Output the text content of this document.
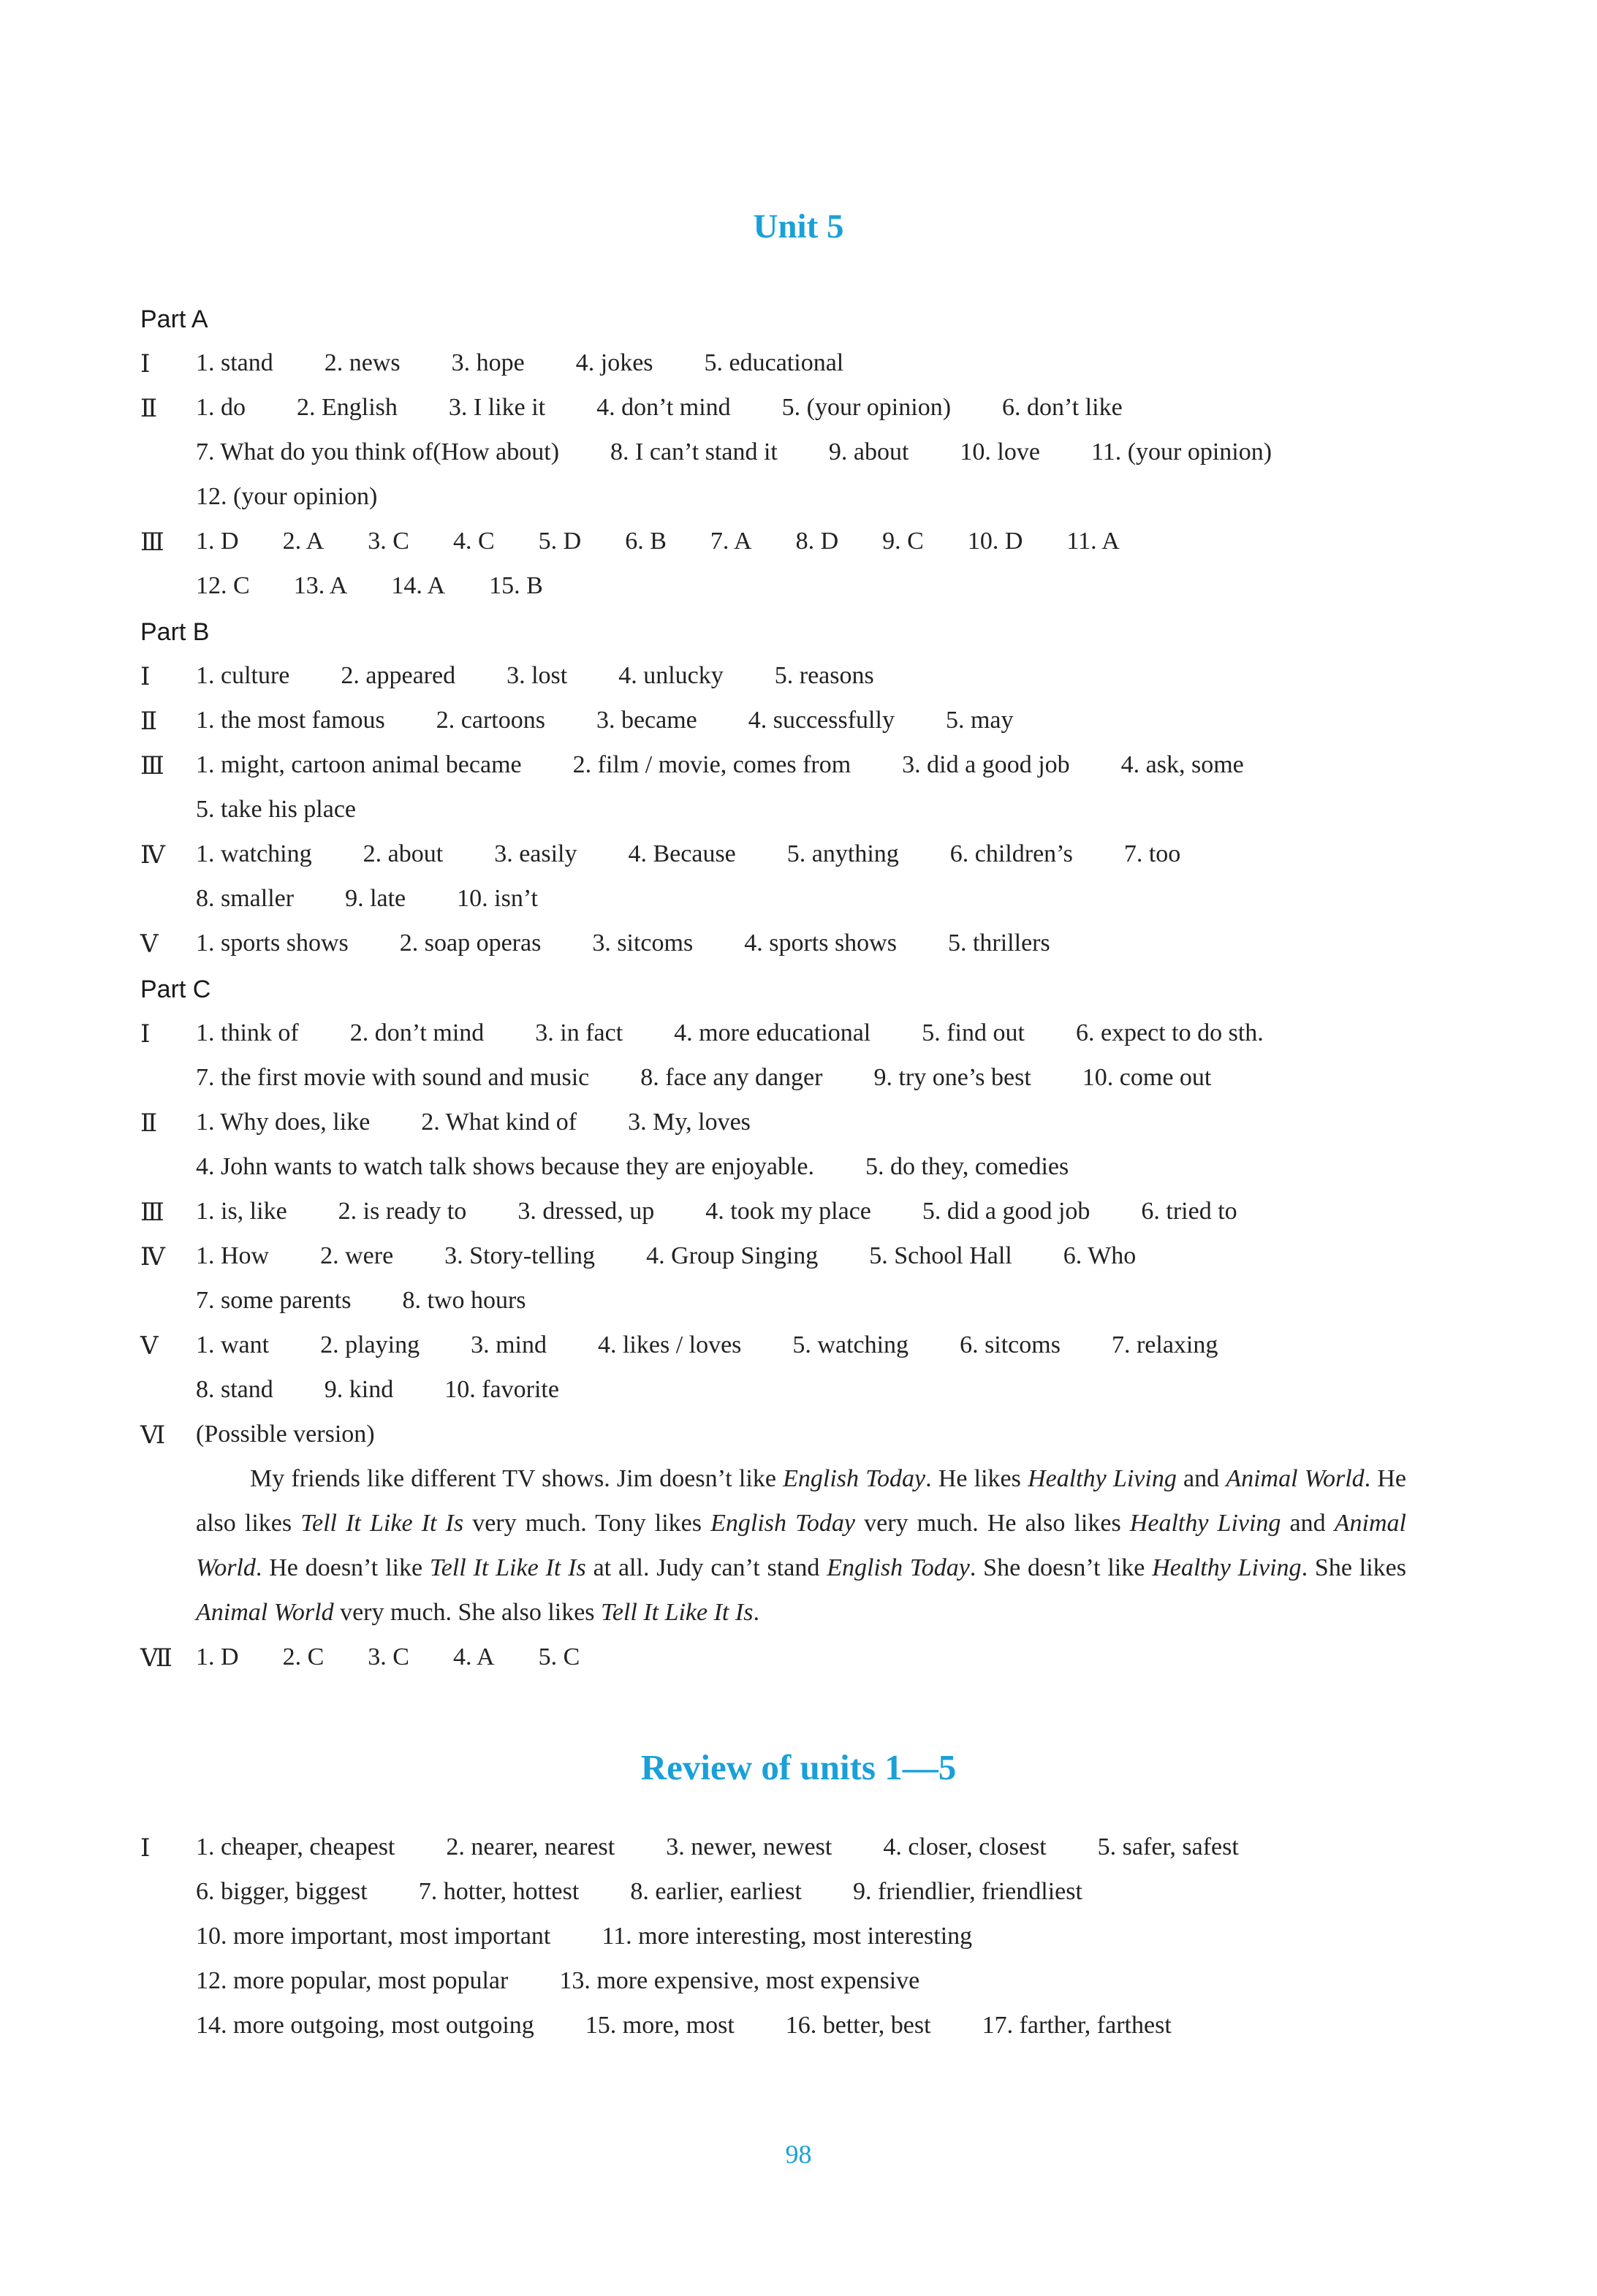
Unit 5
Part A
Ⅰ	1. stand 2. news 3. hope 4. jokes 5. educational
Ⅱ	1. do 2. English 3. I like it 4. don’t mind 5. (your opinion) 6. don’t like
7. What do you think of(How about) 8. I can’t stand it 9. about 10. love 11. (your opinion)
12. (your opinion)
Ⅲ	1. D 2. A 3. C 4. C 5. D 6. B 7. A 8. D 9. C 10. D 11. A
12. C 13. A 14. A 15. B
Part B
Ⅰ	1. culture 2. appeared 3. lost 4. unlucky 5. reasons
Ⅱ	1. the most famous 2. cartoons 3. became 4. successfully 5. may
Ⅲ	1. might, cartoon animal became 2. film / movie, comes from 3. did a good job 4. ask, some
5. take his place
Ⅳ	1. watching 2. about 3. easily 4. Because 5. anything 6. children’s 7. too
8. smaller 9. late 10. isn’t
Ⅴ	1. sports shows 2. soap operas 3. sitcoms 4. sports shows 5. thrillers
Part C
Ⅰ	1. think of 2. don’t mind 3. in fact 4. more educational 5. find out 6. expect to do sth.
7. the first movie with sound and music 8. face any danger 9. try one’s best 10. come out
Ⅱ	1. Why does, like 2. What kind of 3. My, loves
4. John wants to watch talk shows because they are enjoyable. 5. do they, comedies
Ⅲ	1. is, like 2. is ready to 3. dressed, up 4. took my place 5. did a good job 6. tried to
Ⅳ	1. How 2. were 3. Story-telling 4. Group Singing 5. School Hall 6. Who
7. some parents 8. two hours
Ⅴ	1. want 2. playing 3. mind 4. likes / loves 5. watching 6. sitcoms 7. relaxing
8. stand 9. kind 10. favorite
Ⅵ	(Possible version)
My friends like different TV shows. Jim doesn’t like English Today. He likes Healthy Living and Animal World. He also likes Tell It Like It Is very much. Tony likes English Today very much. He also likes Healthy Living and Animal World. He doesn’t like Tell It Like It Is at all. Judy can’t stand English Today. She doesn’t like Healthy Living. She likes Animal World very much. She also likes Tell It Like It Is.
Ⅶ 1. D 2. C 3. C 4. A 5. C
Review of units 1—5
Ⅰ	1. cheaper, cheapest 2. nearer, nearest 3. newer, newest 4. closer, closest 5. safer, safest
6. bigger, biggest 7. hotter, hottest 8. earlier, earliest 9. friendlier, friendliest
10. more important, most important 11. more interesting, most interesting
12. more popular, most popular 13. more expensive, most expensive
14. more outgoing, most outgoing 15. more, most 16. better, best 17. farther, farthest
98
